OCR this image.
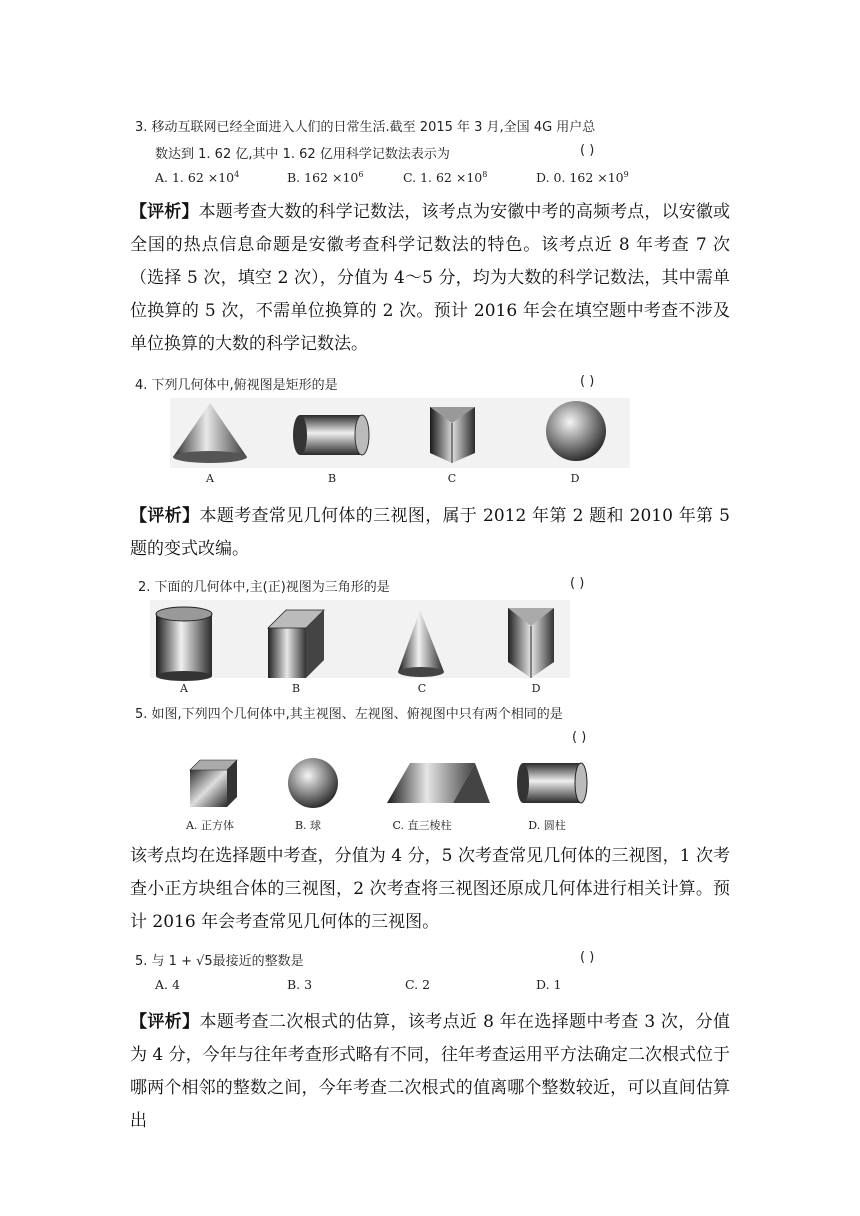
3. 移动互联网已经全面进入人们的日常生活.截至 2015 年 3 月,全国 4G 用户总
数达到 1. 62 亿,其中 1. 62 亿用科学记数法表示为	( )
A. 1. $62 \times 10^4$	B. $162 \times 10^6$	C. 1. $62 \times 10^8$	D. 0. $162 \times 10^9$
【评析】本题考查大数的科学记数法，该考点为安徽中考的高频考点，以安徽或全国的热点信息命题是安徽考查科学记数法的特色。该考点近 8 年考查 7 次（选择 5 次，填空 2 次），分值为 4～5 分，均为大数的科学记数法，其中需单位换算的 5 次，不需单位换算的 2 次。预计 2016 年会在填空题中考查不涉及单位换算的大数的科学记数法。
4. 下列几何体中,俯视图是矩形的是	( )
A	B	C	D
【评析】本题考查常见几何体的三视图，属于 2012 年第 2 题和 2010 年第 5 题的变式改编。
2. 下面的几何体中,主(正)视图为三角形的是	( )
A	B	C	D
5. 如图,下列四个几何体中,其主视图、左视图、俯视图中只有两个相同的是
( )
A. 正方体	B. 球	C. 直三棱柱	D. 圆柱
该考点均在选择题中考查，分值为 4 分，5 次考查常见几何体的三视图，1 次考查小正方块组合体的三视图，2 次考查将三视图还原成几何体进行相关计算。预计 2016 年会考查常见几何体的三视图。
5. 与 1 + √5最接近的整数是	( )
A. 4	B. 3	C. 2	D. 1
【评析】本题考查二次根式的估算，该考点近 8 年在选择题中考查 3 次，分值为 4 分，今年与往年考查形式略有不同，往年考查运用平方法确定二次根式位于哪两个相邻的整数之间，今年考查二次根式的值离哪个整数较近，可以直间估算出
